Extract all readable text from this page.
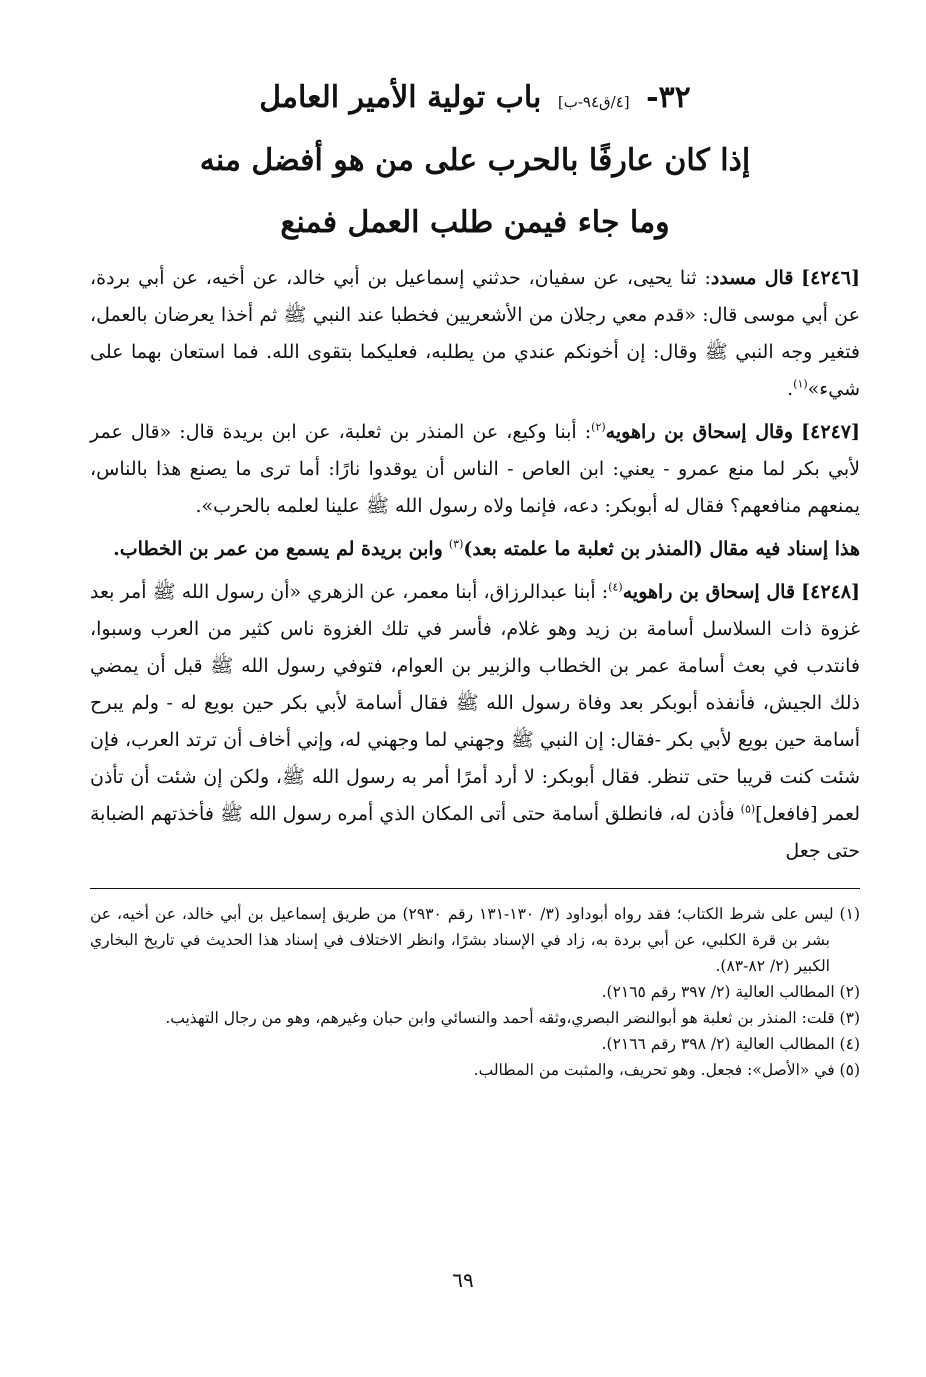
٣٢- [٤/ق٩٤-ب] باب تولية الأمير العامل
إذا كان عارفًا بالحرب على من هو أفضل منه
وما جاء فيمن طلب العمل فمنع

[٤٢٤٦] قال مسدد: ثنا يحيى، عن سفيان، حدثني إسماعيل بن أبي خالد، عن أخيه، عن أبي بردة، عن أبي موسى قال: «قدم معي رجلان من الأشعريين فخطبا عند النبي ﷺ ثم أخذا يعرضان بالعمل، فتغير وجه النبي ﷺ وقال: إن أخونكم عندي من يطلبه، فعليكما بتقوى الله. فما استعان بهما على شيء»$^{(١)}$.

[٤٢٤٧] وقال إسحاق بن راهويه$^{(٢)}$: أبنا وكيع، عن المنذر بن ثعلبة، عن ابن بريدة قال: «قال عمر لأبي بكر لما منع عمرو - يعني: ابن العاص - الناس أن يوقدوا نارًا: أما ترى ما يصنع هذا بالناس، يمنعهم منافعهم؟ فقال له أبوبكر: دعه، فإنما ولاه رسول الله ﷺ علينا لعلمه بالحرب».

هذا إسناد فيه مقال (المنذر بن ثعلبة ما علمته بعد)$^{(٣)}$ وابن بريدة لم يسمع من عمر بن الخطاب.

[٤٢٤٨] قال إسحاق بن راهويه$^{(٤)}$: أبنا عبدالرزاق، أبنا معمر، عن الزهري «أن رسول الله ﷺ أمر بعد غزوة ذات السلاسل أسامة بن زيد وهو غلام، فأسر في تلك الغزوة ناس كثير من العرب وسبوا، فانتدب في بعث أسامة عمر بن الخطاب والزبير بن العوام، فتوفي رسول الله ﷺ قبل أن يمضي ذلك الجيش، فأنفذه أبوبكر بعد وفاة رسول الله ﷺ فقال أسامة لأبي بكر حين بويع له - ولم يبرح أسامة حين بويع لأبي بكر -فقال: إن النبي ﷺ وجهني لما وجهني له، وإني أخاف أن ترتد العرب، فإن شئت كنت قريبا حتى تنظر. فقال أبوبكر: لا أرد أمرًا أمر به رسول الله ﷺ، ولكن إن شئت أن تأذن لعمر [فافعل]$^{(٥)}$ فأذن له، فانطلق أسامة حتى أتى المكان الذي أمره رسول الله ﷺ فأخذتهم الضبابة حتى جعل

(١) ليس على شرط الكتاب؛ فقد رواه أبوداود (٣/ ١٣٠-١٣١ رقم ٢٩٣٠) من طريق إسماعيل بن أبي خالد، عن أخيه، عن بشر بن قرة الكلبي، عن أبي بردة به، زاد في الإسناد بشرًا، وانظر الاختلاف في إسناد هذا الحديث في تاريخ البخاري الكبير (٢/ ٨٢-٨٣).

(٢) المطالب العالية (٢/ ٣٩٧ رقم ٢١٦٥).

(٣) قلت: المنذر بن ثعلبة هو أبوالنضر البصري،وثقه أحمد والنسائي وابن حبان وغيرهم، وهو من رجال التهذيب.

(٤) المطالب العالية (٢/ ٣٩٨ رقم ٢١٦٦).

(٥) في «الأصل»: فجعل. وهو تحريف، والمثبت من المطالب.

٦٩
